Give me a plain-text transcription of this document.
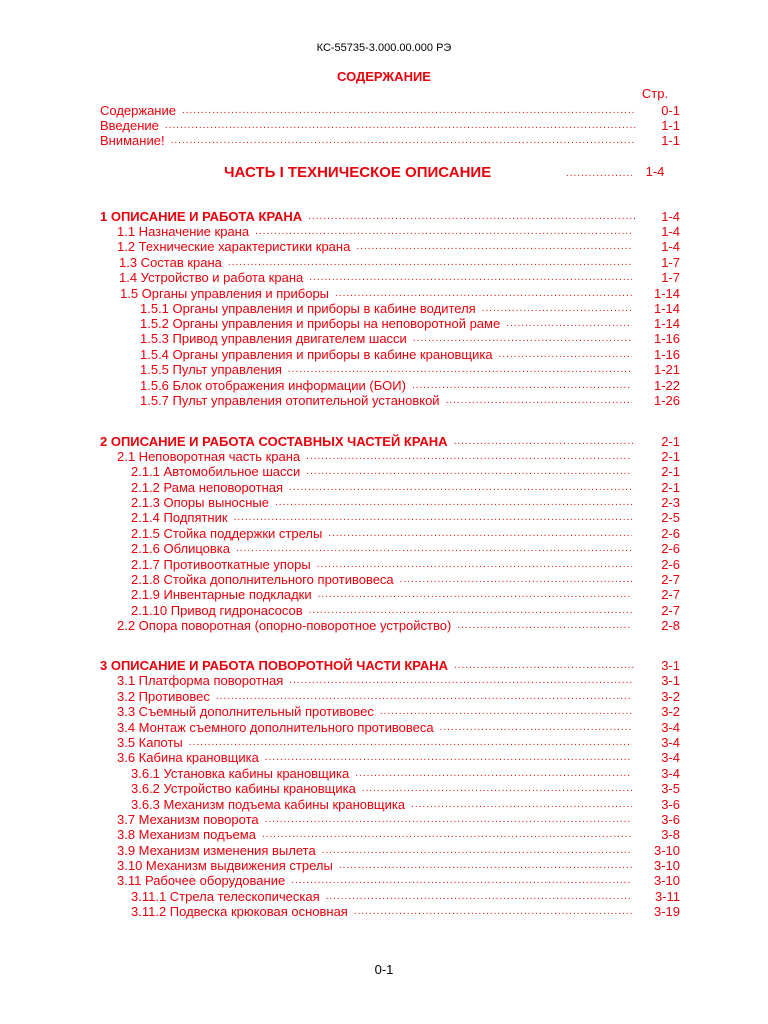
КС-55735-3.000.00.000 РЭ
СОДЕРЖАНИЕ
Стр.
ЧАСТЬ I ТЕХНИЧЕСКОЕ ОПИСАНИЕ .....	1-4
Содержание .....	0-1
Введение .....	1-1
Внимание! .....	1-1
1 ОПИСАНИЕ И РАБОТА КРАНА .....	1-4
1.1 Назначение крана .....	1-4
1.2 Технические характеристики крана .....	1-4
1.3 Состав крана .....	1-7
1.4 Устройство и работа крана .....	1-7
1.5 Органы управления и приборы .....	1-14
1.5.1 Органы управления и приборы в кабине водителя .....	1-14
1.5.2 Органы управления и приборы на неповоротной раме .....	1-14
1.5.3 Привод управления двигателем шасси .....	1-16
1.5.4 Органы управления и приборы в кабине крановщика .....	1-16
1.5.5 Пульт управления .....	1-21
1.5.6 Блок отображения информации (БОИ) .....	1-22
1.5.7 Пульт управления отопительной установкой .....	1-26
2 ОПИСАНИЕ И РАБОТА СОСТАВНЫХ ЧАСТЕЙ КРАНА .....	2-1
2.1 Неповоротная часть крана .....	2-1
2.1.1 Автомобильное шасси .....	2-1
2.1.2 Рама неповоротная .....	2-1
2.1.3 Опоры выносные .....	2-3
2.1.4 Подпятник .....	2-5
2.1.5 Стойка поддержки стрелы .....	2-6
2.1.6 Облицовка .....	2-6
2.1.7 Противооткатные упоры .....	2-6
2.1.8 Стойка дополнительного противовеса .....	2-7
2.1.9 Инвентарные подкладки .....	2-7
2.1.10 Привод гидронасосов .....	2-7
2.2 Опора поворотная (опорно-поворотное устройство) .....	2-8
3 ОПИСАНИЕ И РАБОТА ПОВОРОТНОЙ ЧАСТИ КРАНА .....	3-1
3.1 Платформа поворотная .....	3-1
3.2 Противовес .....	3-2
3.3 Съемный дополнительный противовес .....	3-2
3.4 Монтаж съемного дополнительного противовеса .....	3-4
3.5 Капоты .....	3-4
3.6 Кабина крановщика .....	3-4
3.6.1 Установка кабины крановщика .....	3-4
3.6.2 Устройство кабины крановщика .....	3-5
3.6.3 Механизм подъема кабины крановщика .....	3-6
3.7 Механизм поворота .....	3-6
3.8 Механизм подъема .....	3-8
3.9 Механизм изменения вылета .....	3-10
3.10 Механизм выдвижения стрелы .....	3-10
3.11 Рабочее оборудование .....	3-10
3.11.1 Стрела телескопическая .....	3-11
3.11.2 Подвеска крюковая основная .....	3-19
0-1
